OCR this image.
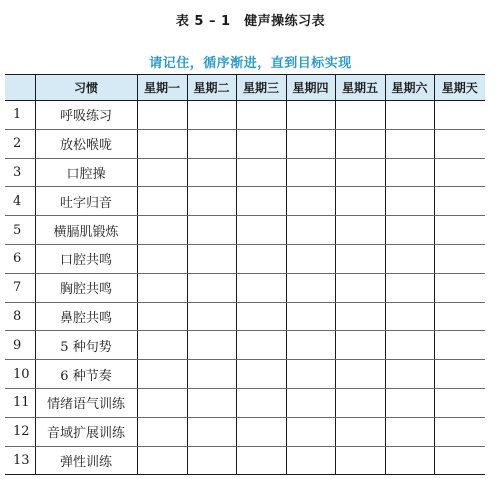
表 5 – 1　健声操练习表
请记住，循序渐进，直到目标实现
	习惯	星期一	星期二	星期三	星期四	星期五	星期六	星期天
1	呼吸练习							
2	放松喉咙							
3	口腔操							
4	吐字归音							
5	横膈肌锻炼							
6	口腔共鸣							
7	胸腔共鸣							
8	鼻腔共鸣							
9	5 种句势							
10	6 种节奏							
11	情绪语气训练							
12	音域扩展训练							
13	弹性训练							
